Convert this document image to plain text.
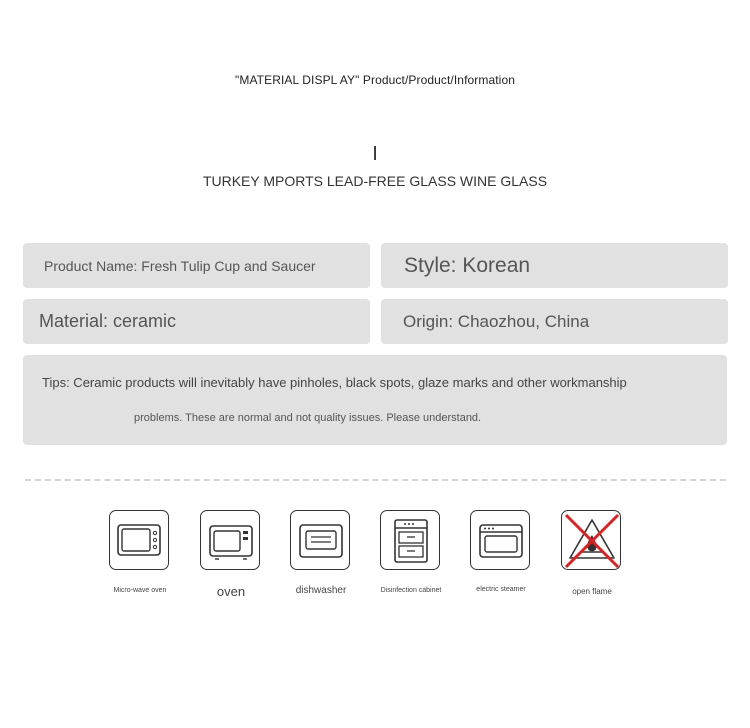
"MATERIAL DISPL AY" Product/Product/Information
I
TURKEY MPORTS LEAD-FREE GLASS WINE GLASS
Product Name: Fresh Tulip Cup and Saucer	Style: Korean
Material: ceramic	Origin: Chaozhou, China
Tips: Ceramic products will inevitably have pinholes, black spots, glaze marks and other workmanship
problems. These are normal and not quality issues. Please understand.
Micro-wave oven	oven	dishwasher	Disinfection cabinet	electric steamer	open flame
